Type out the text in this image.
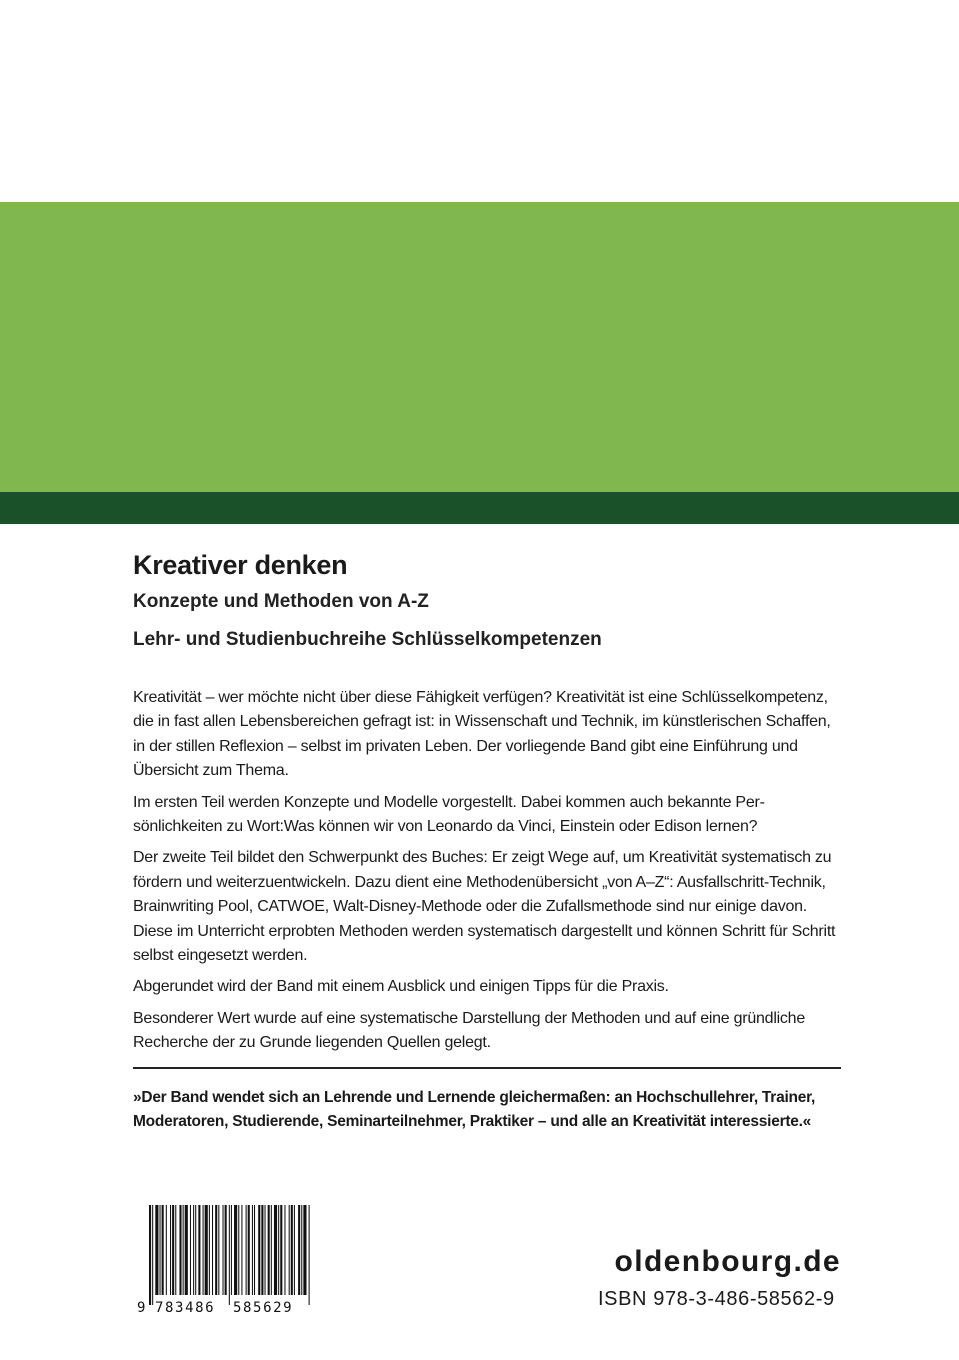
Kreativer denken
Konzepte und Methoden von A-Z
Lehr- und Studienbuchreihe Schlüsselkompetenzen

Kreativität – wer möchte nicht über diese Fähigkeit verfügen? Kreativität ist eine Schlüsselkompetenz, die in fast allen Lebensbereichen gefragt ist: in Wissenschaft und Technik, im künstlerischen Schaffen, in der stillen Reflexion – selbst im privaten Leben. Der vorliegende Band gibt eine Einführung und Übersicht zum Thema.

Im ersten Teil werden Konzepte und Modelle vorgestellt. Dabei kommen auch bekannte Persönlichkeiten zu Wort:Was können wir von Leonardo da Vinci, Einstein oder Edison lernen?

Der zweite Teil bildet den Schwerpunkt des Buches: Er zeigt Wege auf, um Kreativität systematisch zu fördern und weiterzuentwickeln. Dazu dient eine Methodenübersicht „von A–Z“: Ausfallschritt-Technik, Brainwriting Pool, CATWOE, Walt-Disney-Methode oder die Zufallsmethode sind nur einige davon. Diese im Unterricht erprobten Methoden werden systematisch dargestellt und können Schritt für Schritt selbst eingesetzt werden.

Abgerundet wird der Band mit einem Ausblick und einigen Tipps für die Praxis.

Besonderer Wert wurde auf eine systematische Darstellung der Methoden und auf eine gründliche Recherche der zu Grunde liegenden Quellen gelegt.

»Der Band wendet sich an Lehrende und Lernende gleichermaßen: an Hochschullehrer, Trainer, Moderatoren, Studierende, Seminarteilnehmer, Praktiker – und alle an Kreativität interessierte.«

9 783486 585629

oldenbourg.de

ISBN 978-3-486-58562-9
